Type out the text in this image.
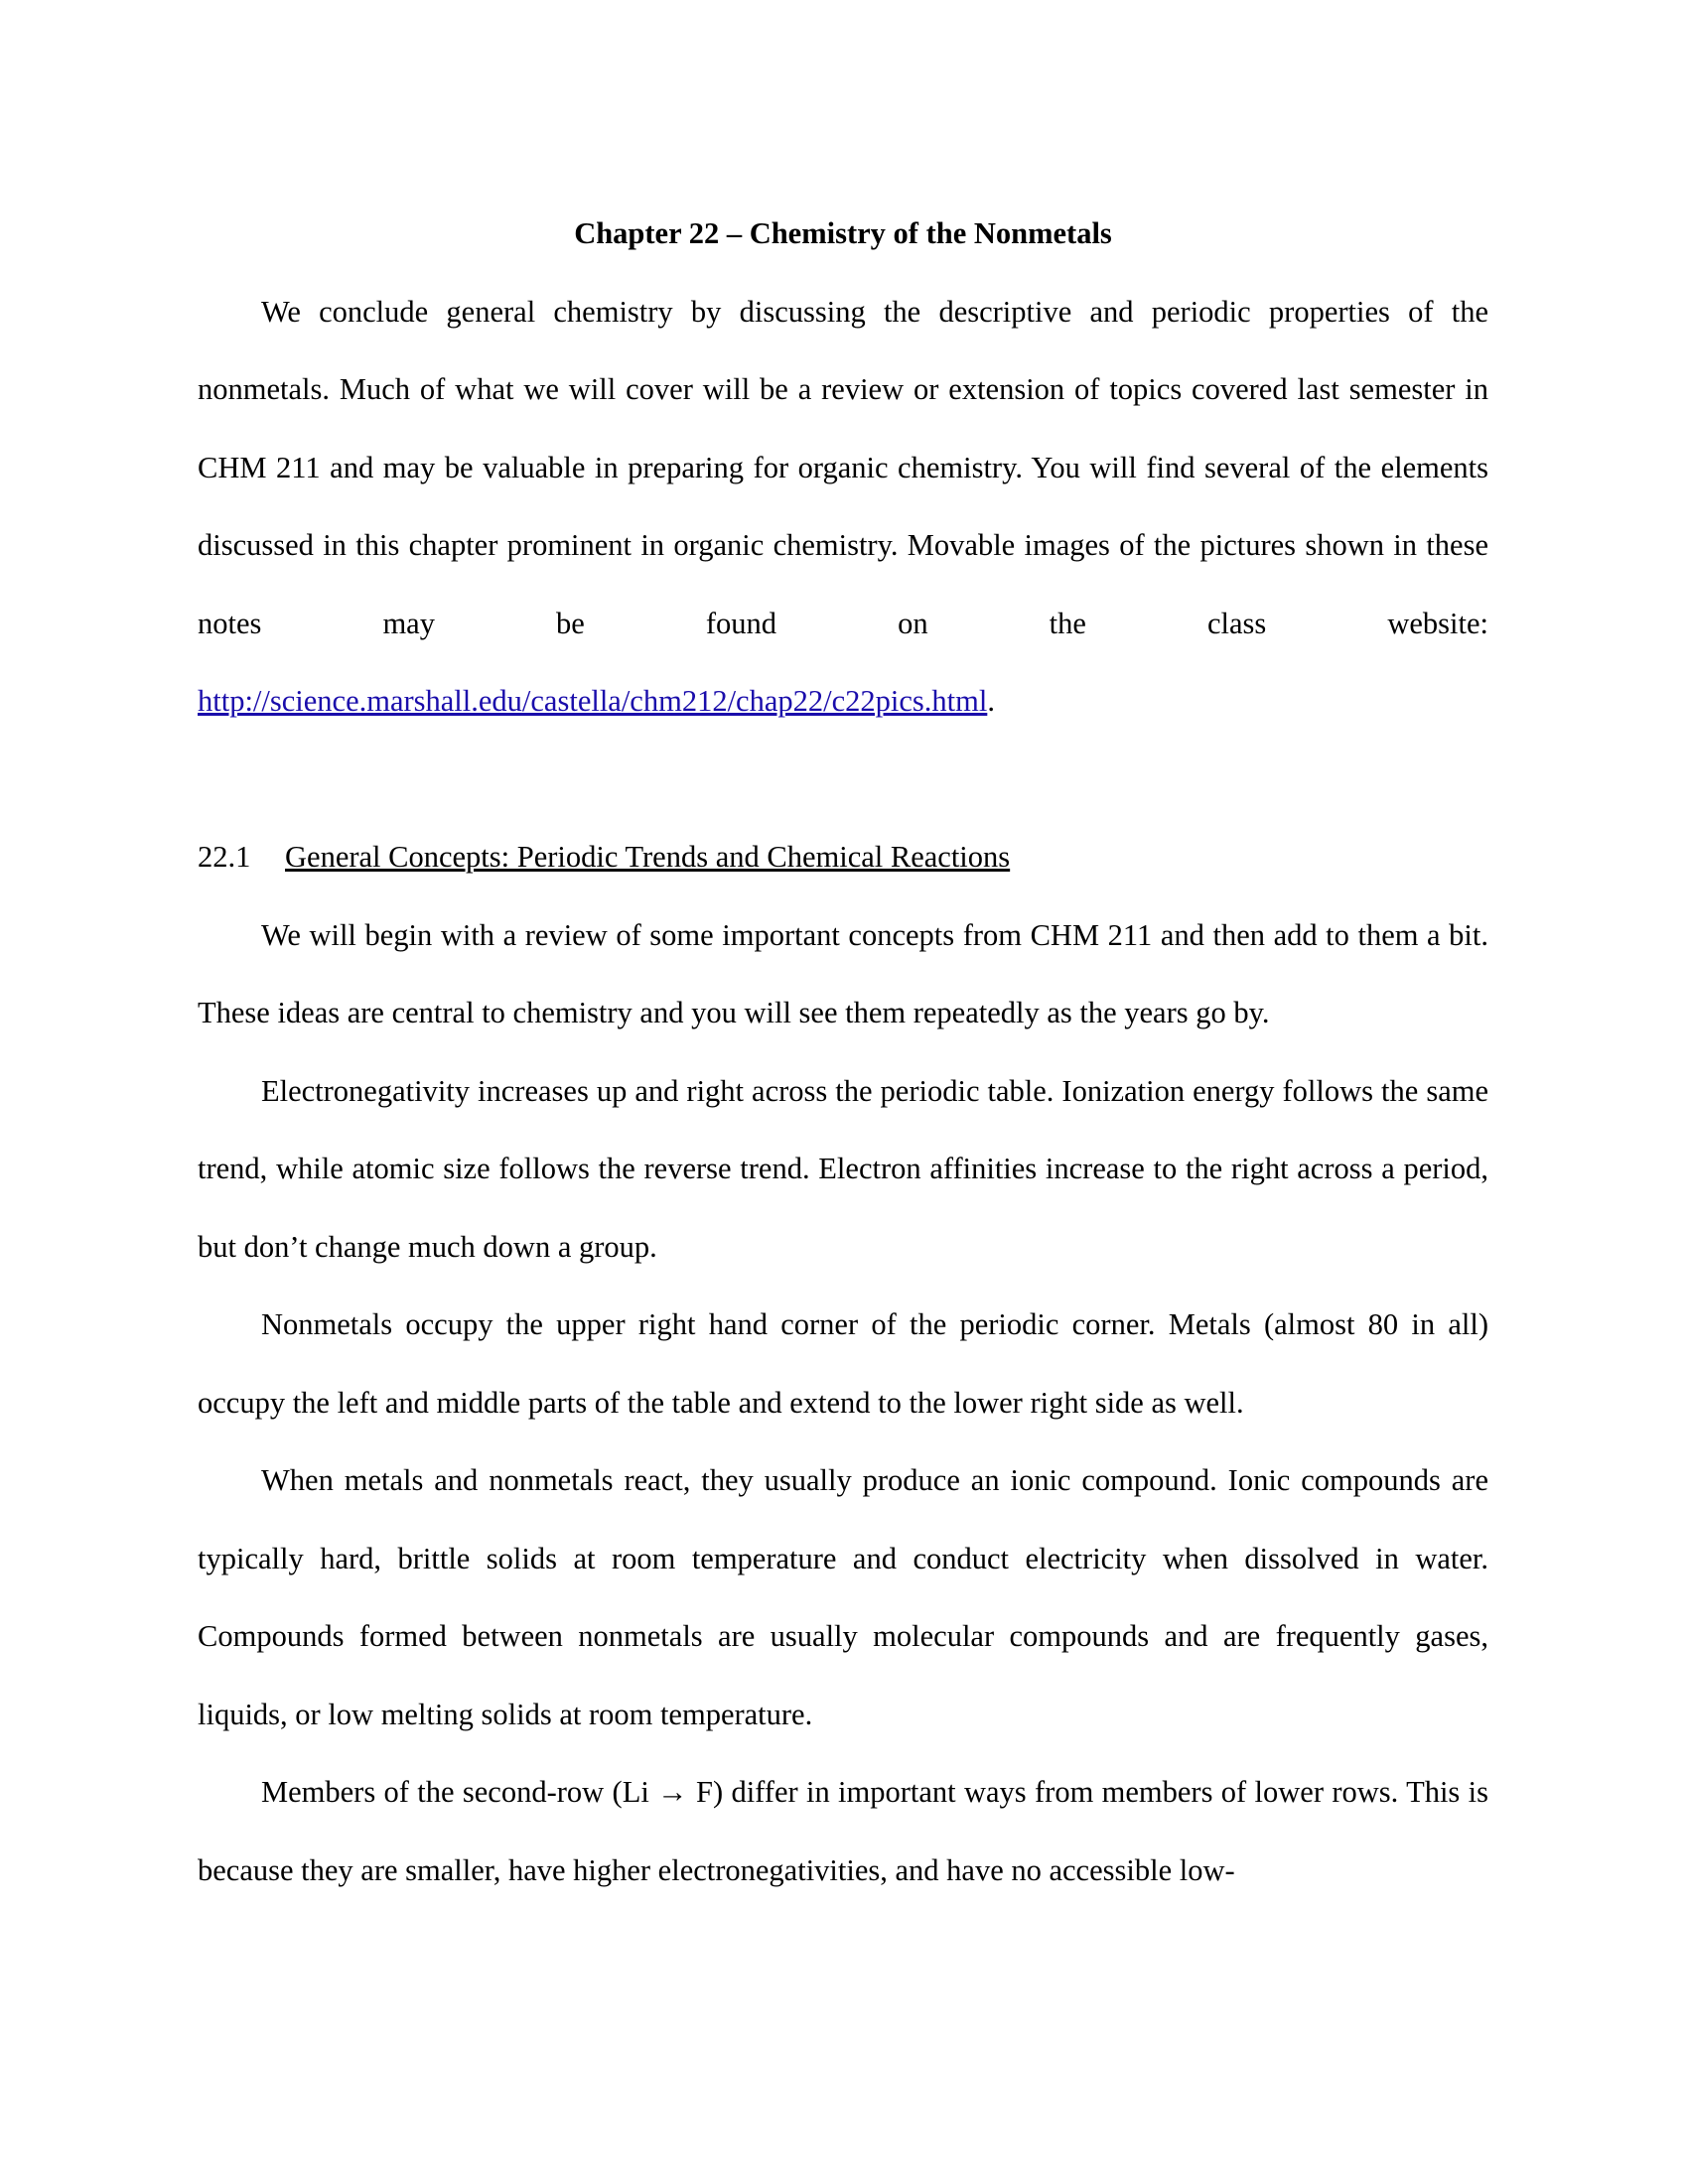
Chapter 22 – Chemistry of the Nonmetals

We conclude general chemistry by discussing the descriptive and periodic properties of the nonmetals. Much of what we will cover will be a review or extension of topics covered last semester in CHM 211 and may be valuable in preparing for organic chemistry. You will find several of the elements discussed in this chapter prominent in organic chemistry. Movable images of the pictures shown in these notes may be found on the class website: http://science.marshall.edu/castella/chm212/chap22/c22pics.html.

22.1 General Concepts: Periodic Trends and Chemical Reactions

We will begin with a review of some important concepts from CHM 211 and then add to them a bit. These ideas are central to chemistry and you will see them repeatedly as the years go by.

Electronegativity increases up and right across the periodic table. Ionization energy follows the same trend, while atomic size follows the reverse trend. Electron affinities increase to the right across a period, but don’t change much down a group.

Nonmetals occupy the upper right hand corner of the periodic corner. Metals (almost 80 in all) occupy the left and middle parts of the table and extend to the lower right side as well.

When metals and nonmetals react, they usually produce an ionic compound. Ionic compounds are typically hard, brittle solids at room temperature and conduct electricity when dissolved in water. Compounds formed between nonmetals are usually molecular compounds and are frequently gases, liquids, or low melting solids at room temperature.

Members of the second-row (Li → F) differ in important ways from members of lower rows. This is because they are smaller, have higher electronegativities, and have no accessible low-
